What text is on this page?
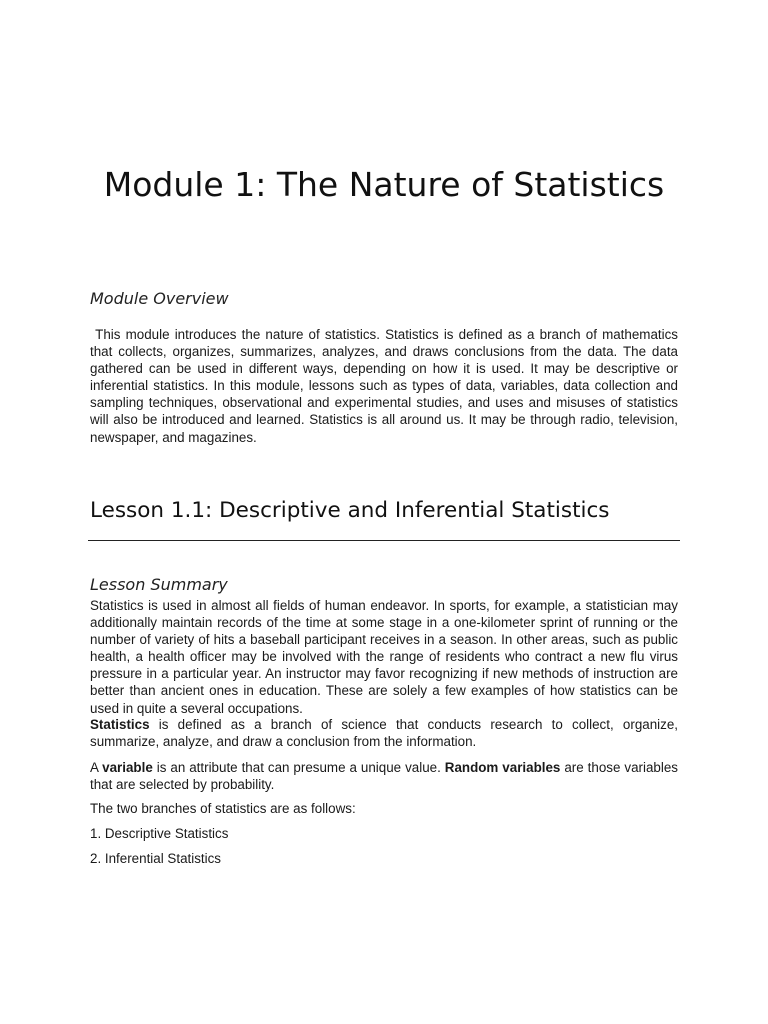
Module 1: The Nature of Statistics
Module Overview

This module introduces the nature of statistics. Statistics is defined as a branch of mathematics that collects, organizes, summarizes, analyzes, and draws conclusions from the data. The data gathered can be used in different ways, depending on how it is used. It may be descriptive or inferential statistics. In this module, lessons such as types of data, variables, data collection and sampling techniques, observational and experimental studies, and uses and misuses of statistics will also be introduced and learned. Statistics is all around us. It may be through radio, television, newspaper, and magazines.

Lesson 1.1: Descriptive and Inferential Statistics
Lesson Summary

Statistics is used in almost all fields of human endeavor. In sports, for example, a statistician may additionally maintain records of the time at some stage in a one-kilometer sprint of running or the number of variety of hits a baseball participant receives in a season. In other areas, such as public health, a health officer may be involved with the range of residents who contract a new flu virus pressure in a particular year. An instructor may favor recognizing if new methods of instruction are better than ancient ones in education. These are solely a few examples of how statistics can be used in quite a several occupations.

Statistics is defined as a branch of science that conducts research to collect, organize, summarize, analyze, and draw a conclusion from the information.

A variable is an attribute that can presume a unique value. Random variables are those variables that are selected by probability.

The two branches of statistics are as follows:

1. Descriptive Statistics

2. Inferential Statistics
